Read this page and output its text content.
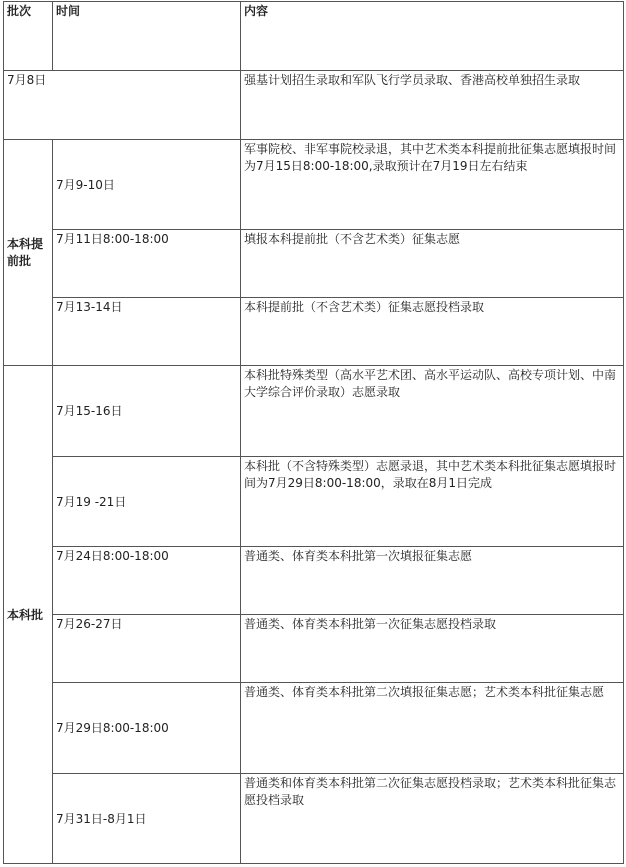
批次	时间	内容
7月8日		强基计划招生录取和军队飞行学员录取、香港高校单独招生录取
本科提前批	7月9-10日	军事院校、非军事院校录退，其中艺术类本科提前批征集志愿填报时间为7月15日8:00-18:00,录取预计在7月19日左右结束
	7月11日8:00-18:00	填报本科提前批（不含艺术类）征集志愿
	7月13-14日	本科提前批（不含艺术类）征集志愿投档录取
本科批	7月15-16日	本科批特殊类型（高水平艺术团、高水平运动队、高校专项计划、中南大学综合评价录取）志愿录取
	7月19 -21日	本科批（不含特殊类型）志愿录退，其中艺术类本科批征集志愿填报时间为7月29日8:00-18:00，录取在8月1日完成
	7月24日8:00-18:00	普通类、体育类本科批第一次填报征集志愿
	7月26-27日	普通类、体育类本科批第一次征集志愿投档录取
	7月29日8:00-18:00	普通类、体育类本科批第二次填报征集志愿；艺术类本科批征集志愿
	7月31日-8月1日	普通类和体育类本科批第二次征集志愿投档录取；艺术类本科批征集志愿投档录取
